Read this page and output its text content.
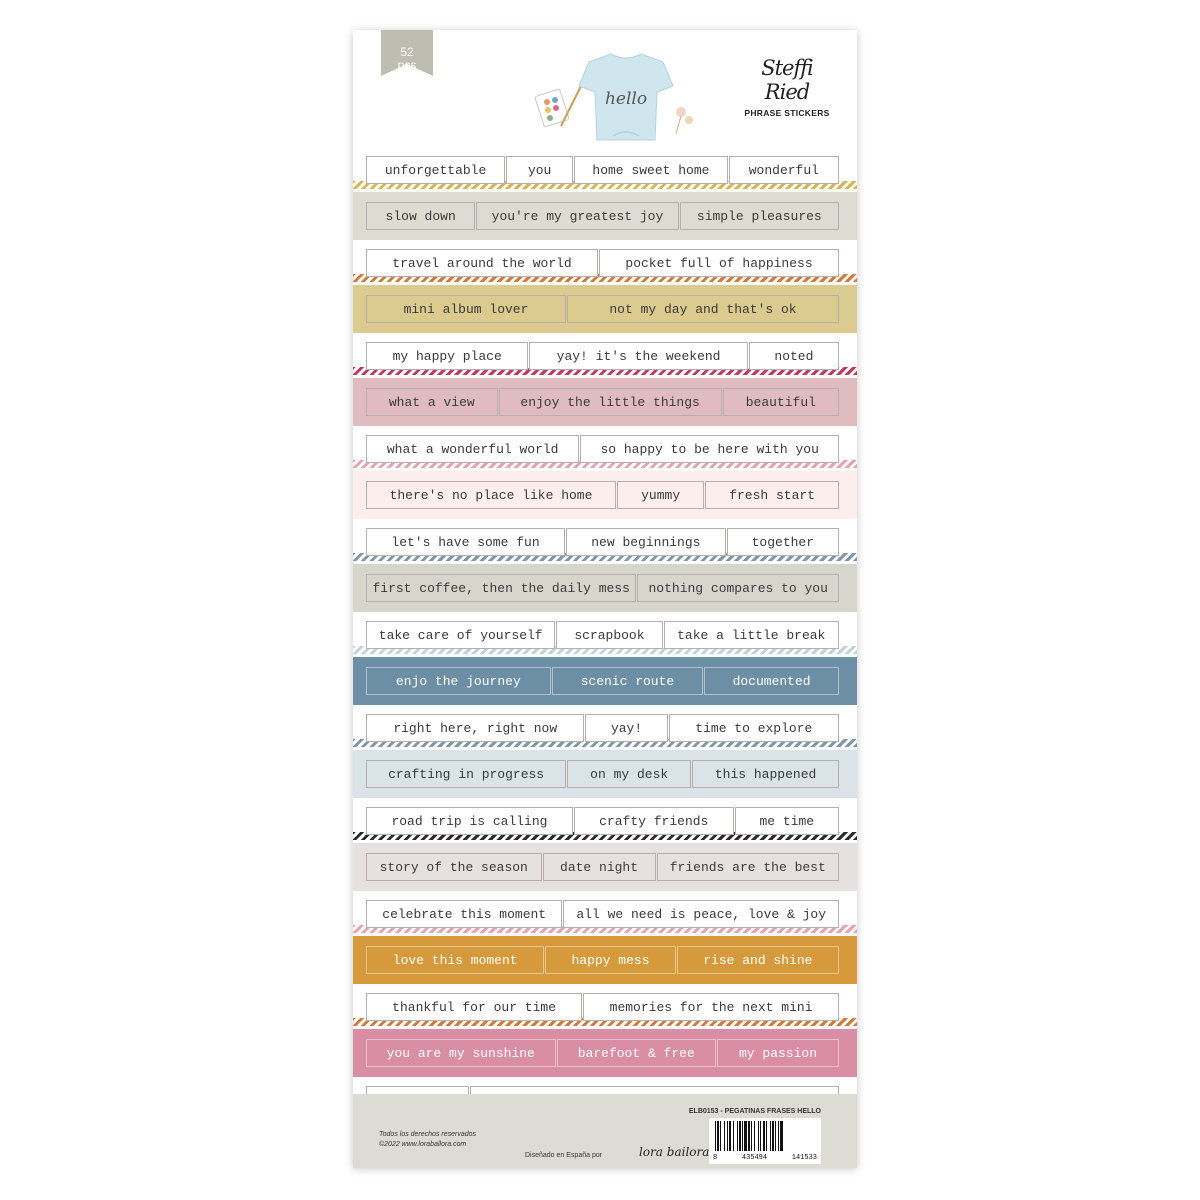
52
pcs
hello
Steffi Ried
PHRASE STICKERS
unforgettable	you	home sweet home	wonderful
slow down	you're my greatest joy	simple pleasures
travel around the world	pocket full of happiness
mini album lover	not my day and that's ok
my happy place	yay! it's the weekend	noted
what a view	enjoy the little things	beautiful
what a wonderful world	so happy to be here with you
there's no place like home	yummy	fresh start
let's have some fun	new beginnings	together
first coffee, then the daily mess	nothing compares to you
take care of yourself	scrapbook	take a little break
enjo the journey	scenic route	documented
right here, right now	yay!	time to explore
crafting in progress	on my desk	this happened
road trip is calling	crafty friends	me time
story of the season	date night	friends are the best
celebrate this moment	all we need is peace, love & joy
love this moment	happy mess	rise and shine
thankful for our time	memories for the next mini
you are my sunshine	barefoot & free	my passion
ELB0153 - PEGATINAS FRASES HELLO
Todos los derechos reservados
©2022 www.loraballora.com
Diseñado en España por	lora bailora 8	435494	141533
